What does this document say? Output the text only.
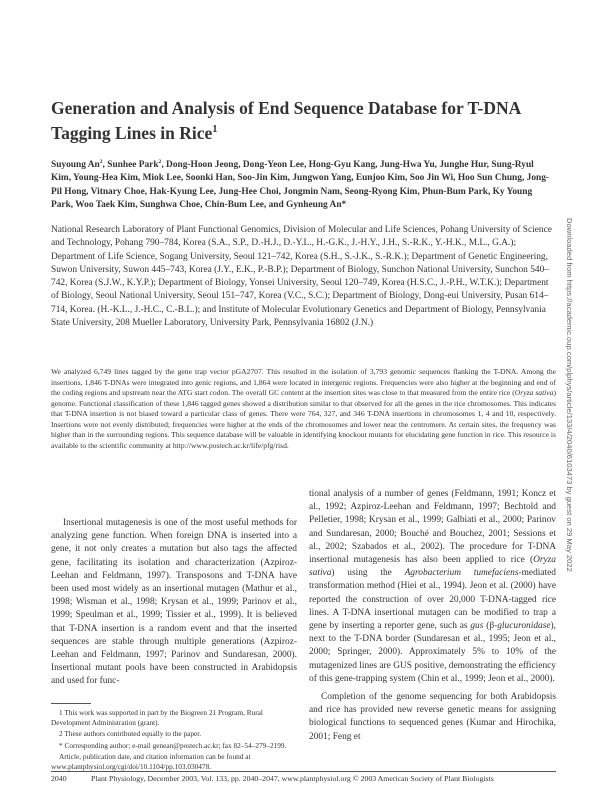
Generation and Analysis of End Sequence Database for T-DNA Tagging Lines in Rice$^1$
Suyoung An$^2$, Sunhee Park$^2$, Dong-Hoon Jeong, Dong-Yeon Lee, Hong-Gyu Kang, Jung-Hwa Yu, Junghe Hur, Sung-Ryul Kim, Young-Hea Kim, Miok Lee, Soonki Han, Soo-Jin Kim, Jungwon Yang, Eunjoo Kim, Soo Jin Wi, Hoo Sun Chung, Jong-Pil Hong, Vitnary Choe, Hak-Kyung Lee, Jung-Hee Choi, Jongmin Nam, Seong-Ryong Kim, Phun-Bum Park, Ky Young Park, Woo Taek Kim, Sunghwa Choe, Chin-Bum Lee, and Gynheung An*
National Research Laboratory of Plant Functional Genomics, Division of Molecular and Life Sciences, Pohang University of Science and Technology, Pohang 790–784, Korea (S.A., S.P., D.-H.J., D.-Y.L., H.-G.K., J.-H.Y., J.H., S.-R.K., Y.-H.K., M.L., G.A.); Department of Life Science, Sogang University, Seoul 121–742, Korea (S.H., S.-J.K., S.-R.K.); Department of Genetic Engineering, Suwon University, Suwon 445–743, Korea (J.Y., E.K., P.-B.P.); Department of Biology, Sunchon National University, Sunchon 540–742, Korea (S.J.W., K.Y.P.); Department of Biology, Yonsei University, Seoul 120–749, Korea (H.S.C., J.-P.H., W.T.K.); Department of Biology, Seoul National University, Seoul 151–747, Korea (V.C., S.C.); Department of Biology, Dong-eui University, Pusan 614–714, Korea. (H.-K.L., J.-H.C., C.-B.L.); and Institute of Molecular Evolutionary Genetics and Department of Biology, Pennsylvania State University, 208 Mueller Laboratory, University Park, Pennsylvania 16802 (J.N.)
We analyzed 6,749 lines tagged by the gene trap vector pGA2707. This resulted in the isolation of 3,793 genomic sequences flanking the T-DNA. Among the insertions, 1,846 T-DNAs were integrated into genic regions, and 1,864 were located in intergenic regions. Frequencies were also higher at the beginning and end of the coding regions and upstream near the ATG start codon. The overall GC content at the insertion sites was close to that measured from the entire rice (Oryza sativa) genome. Functional classification of these 1,846 tagged genes showed a distribution similar to that observed for all the genes in the rice chromosomes. This indicates that T-DNA insertion is not biased toward a particular class of genes. There were 764, 327, and 346 T-DNA insertions in chromosomes 1, 4 and 10, respectively. Insertions were not evenly distributed; frequencies were higher at the ends of the chromosomes and lower near the centromere. At certain sites, the frequency was higher than in the surrounding regions. This sequence database will be valuable in identifying knockout mutants for elucidating gene function in rice. This resource is available to the scientific community at http://www.postech.ac.kr/life/pfg/risd.

Insertional mutagenesis is one of the most useful methods for analyzing gene function. When foreign DNA is inserted into a gene, it not only creates a mutation but also tags the affected gene, facilitating its isolation and characterization (Azpiroz-Leehan and Feldmann, 1997). Transposons and T-DNA have been used most widely as an insertional mutagen (Mathur et al., 1998; Wisman et al., 1998; Krysan et al., 1999; Parinov et al., 1999; Speulman et al., 1999; Tissier et al., 1999). It is believed that T-DNA insertion is a random event and that the inserted sequences are stable through multiple generations (Azpiroz-Leehan and Feldmann, 1997; Parinov and Sundaresan, 2000). Insertional mutant pools have been constructed in Arabidopsis and used for func-

tional analysis of a number of genes (Feldmann, 1991; Koncz et al., 1992; Azpiroz-Leehan and Feldmann, 1997; Bechtold and Pelletier, 1998; Krysan et al., 1999; Galbiati et al., 2000; Parinov and Sundaresan, 2000; Bouché and Bouchez, 2001; Sessions et al., 2002; Szabados et al., 2002). The procedure for T-DNA insertional mutagenesis has also been applied to rice (Oryza sativa) using the Agrobacterium tumefaciens-mediated transformation method (Hiei et al., 1994). Jeon et al. (2000) have reported the construction of over 20,000 T-DNA-tagged rice lines. A T-DNA insertional mutagen can be modified to trap a gene by inserting a reporter gene, such as gus (β-glucuronidase), next to the T-DNA border (Sundaresan et al., 1995; Jeon et al., 2000; Springer, 2000). Approximately 5% to 10% of the mutagenized lines are GUS positive, demonstrating the efficiency of this gene-trapping system (Chin et al., 1999; Jeon et al., 2000).

Completion of the genome sequencing for both Arabidopsis and rice has provided new reverse genetic means for assigning biological functions to sequenced genes (Kumar and Hirochika, 2001; Feng et

1 This work was supported in part by the Biogreen 21 Program, Rural Development Administration (grant).

2 These authors contributed equally to the paper.

* Corresponding author; e-mail genean@postech.ac.kr; fax 82–54–279–2199.

Article, publication date, and citation information can be found at www.plantphysiol.org/cgi/doi/10.1104/pp.103.030478.

2040	Plant Physiology, December 2003, Vol. 133, pp. 2040–2047, www.plantphysiol.org © 2003 American Society of Plant Biologists
Downloaded from https://academic.oup.com/plphys/article/133/4/2040/6103473 by guest on 29 May 2022
